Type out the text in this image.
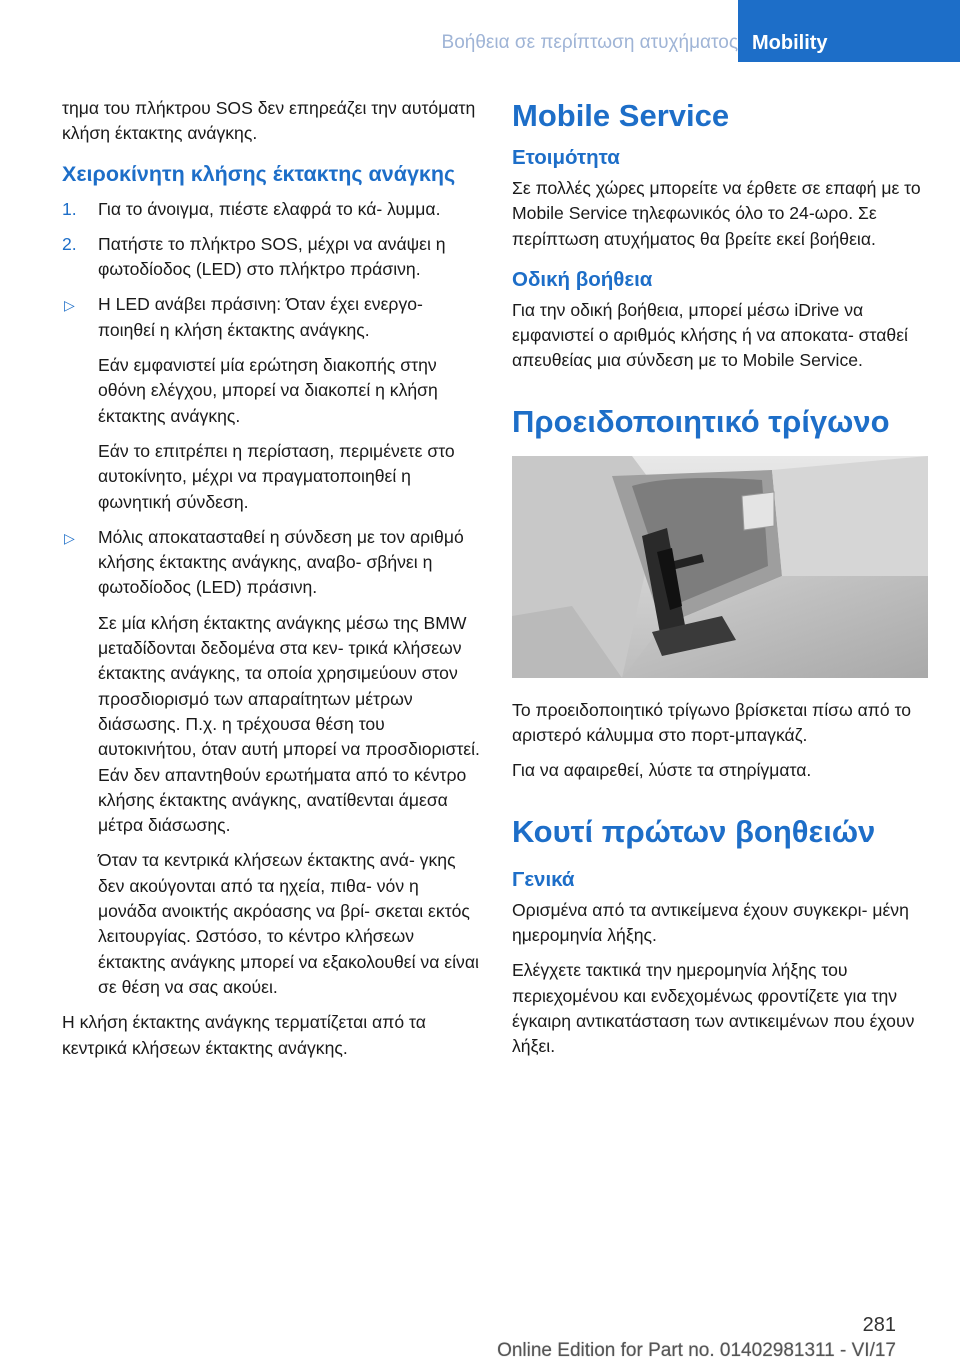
Βοήθεια σε περίπτωση ατυχήματος Mobility

τημα του πλήκτρου SOS δεν επηρεάζει την αυτόματη κλήση έκτακτης ανάγκης.

Χειροκίνητη κλήσης έκτακτης ανάγκης
1. Για το άνοιγμα, πιέστε ελαφρά το κά- λυμμα.

2. Πατήστε το πλήκτρο SOS, μέχρι να ανάψει η φωτοδίοδος (LED) στο πλήκτρο πράσινη.

▷ Η LED ανάβει πράσινη: Όταν έχει ενεργο- ποιηθεί η κλήση έκτακτης ανάγκης.

Εάν εμφανιστεί μία ερώτηση διακοπής στην οθόνη ελέγχου, μπορεί να διακοπεί η κλήση έκτακτης ανάγκης.

Εάν το επιτρέπει η περίσταση, περιμένετε στο αυτοκίνητο, μέχρι να πραγματοποιηθεί η φωνητική σύνδεση.

▷ Μόλις αποκατασταθεί η σύνδεση με τον αριθμό κλήσης έκτακτης ανάγκης, αναβο- σβήνει η φωτοδίοδος (LED) πράσινη.

Σε μία κλήση έκτακτης ανάγκης μέσω της BMW μεταδίδονται δεδομένα στα κεν- τρικά κλήσεων έκτακτης ανάγκης, τα οποία χρησιμεύουν στον προσδιορισμό των απαραίτητων μέτρων διάσωσης. Π.χ. η τρέχουσα θέση του αυτοκινήτου, όταν αυτή μπορεί να προσδιοριστεί. Εάν δεν απαντηθούν ερωτήματα από το κέντρο κλήσης έκτακτης ανάγκης, ανατίθενται άμεσα μέτρα διάσωσης.

Όταν τα κεντρικά κλήσεων έκτακτης ανά- γκης δεν ακούγονται από τα ηχεία, πιθα- νόν η μονάδα ανοικτής ακρόασης να βρί- σκεται εκτός λειτουργίας. Ωστόσο, το κέντρο κλήσεων έκτακτης ανάγκης μπορεί να εξακολουθεί να είναι σε θέση να σας ακούει.

Η κλήση έκτακτης ανάγκης τερματίζεται από τα κεντρικά κλήσεων έκτακτης ανάγκης.

Mobile Service
Ετοιμότητα

Σε πολλές χώρες μπορείτε να έρθετε σε επαφή με το Mobile Service τηλεφωνικός όλο το 24-ωρο. Σε περίπτωση ατυχήματος θα βρείτε εκεί βοήθεια.

Οδική βοήθεια

Για την οδική βοήθεια, μπορεί μέσω iDrive να εμφανιστεί ο αριθμός κλήσης ή να αποκατα- σταθεί απευθείας μια σύνδεση με το Mobile Service.

Προειδοποιητικό τρίγωνο

Το προειδοποιητικό τρίγωνο βρίσκεται πίσω από το αριστερό κάλυμμα στο πορτ-μπαγκάζ.

Για να αφαιρεθεί, λύστε τα στηρίγματα.

Κουτί πρώτων βοηθειών
Γενικά

Ορισμένα από τα αντικείμενα έχουν συγκεκρι- μένη ημερομηνία λήξης.

Ελέγχετε τακτικά την ημερομηνία λήξης του περιεχομένου και ενδεχομένως φροντίζετε για την έγκαιρη αντικατάσταση των αντικειμένων που έχουν λήξει.

281
Online Edition for Part no. 01402981311 - VI/17
